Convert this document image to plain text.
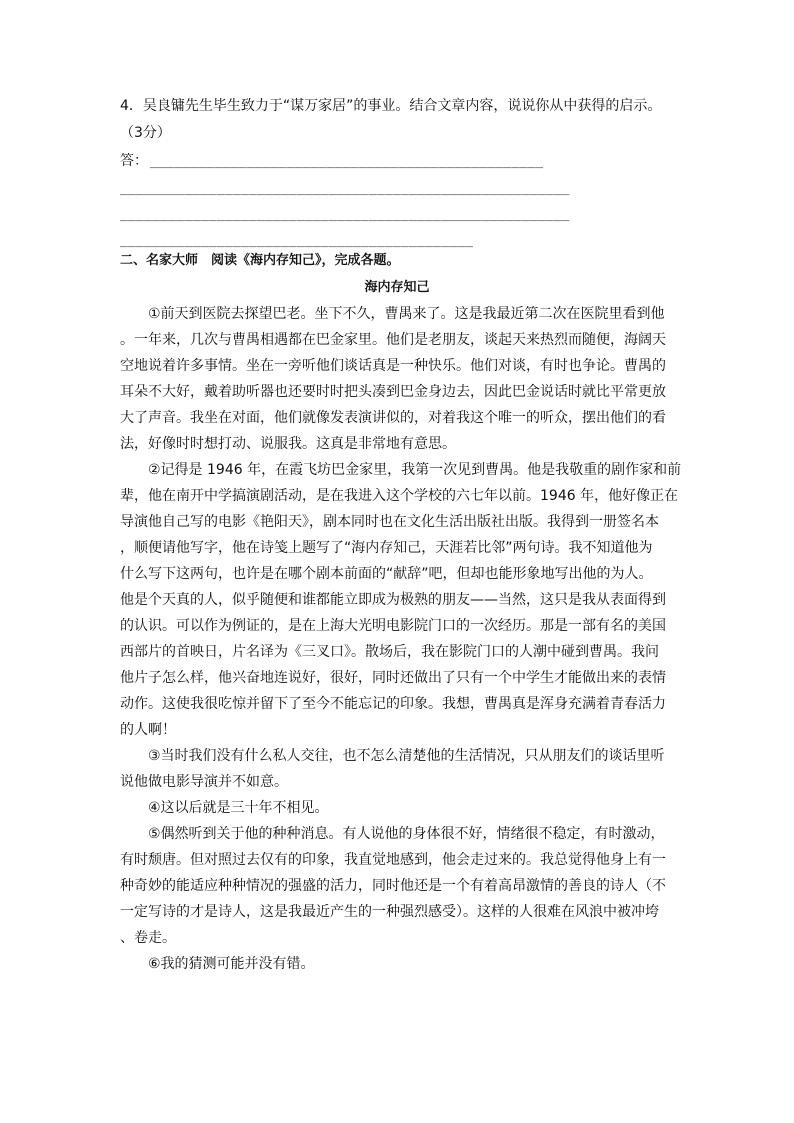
4．吴良镛先生毕生致力于“谋万家居”的事业。结合文章内容，说说你从中获得的启示。
（3分）
答： _________________________________________________
________________________________________________________
________________________________________________________
____________________________________________
二、名家大师　阅读《海内存知己》，完成各题。
海内存知己
①前天到医院去探望巴老。坐下不久，曹禺来了。这是我最近第二次在医院里看到他
。一年来，几次与曹禺相遇都在巴金家里。他们是老朋友，谈起天来热烈而随便，海阔天
空地说着许多事情。坐在一旁听他们谈话真是一种快乐。他们对谈，有时也争论。曹禺的
耳朵不大好，戴着助听器也还要时时把头凑到巴金身边去，因此巴金说话时就比平常更放
大了声音。我坐在对面，他们就像发表演讲似的，对着我这个唯一的听众，摆出他们的看
法，好像时时想打动、说服我。这真是非常地有意思。
②记得是 1946 年，在霞飞坊巴金家里，我第一次见到曹禺。他是我敬重的剧作家和前
辈，他在南开中学搞演剧活动，是在我进入这个学校的六七年以前。1946 年，他好像正在
导演他自己写的电影《艳阳天》，剧本同时也在文化生活出版社出版。我得到一册签名本
，顺便请他写字，他在诗笺上题写了“海内存知己，天涯若比邻”两句诗。我不知道他为
什么写下这两句，也许是在哪个剧本前面的“献辞”吧，但却也能形象地写出他的为人。
他是个天真的人，似乎随便和谁都能立即成为极熟的朋友——当然，这只是我从表面得到
的认识。可以作为例证的，是在上海大光明电影院门口的一次经历。那是一部有名的美国
西部片的首映日，片名译为《三叉口》。散场后，我在影院门口的人潮中碰到曹禺。我问
他片子怎么样，他兴奋地连说好，很好，同时还做出了只有一个中学生才能做出来的表情
动作。这使我很吃惊并留下了至今不能忘记的印象。我想，曹禺真是浑身充满着青春活力
的人啊！
③当时我们没有什么私人交往，也不怎么清楚他的生活情况，只从朋友们的谈话里听
说他做电影导演并不如意。
④这以后就是三十年不相见。
⑤偶然听到关于他的种种消息。有人说他的身体很不好，情绪很不稳定，有时激动，
有时颓唐。但对照过去仅有的印象，我直觉地感到，他会走过来的。我总觉得他身上有一
种奇妙的能适应种种情况的强盛的活力，同时他还是一个有着高昂激情的善良的诗人（不
一定写诗的才是诗人，这是我最近产生的一种强烈感受）。这样的人很难在风浪中被冲垮
、卷走。
⑥我的猜测可能并没有错。
